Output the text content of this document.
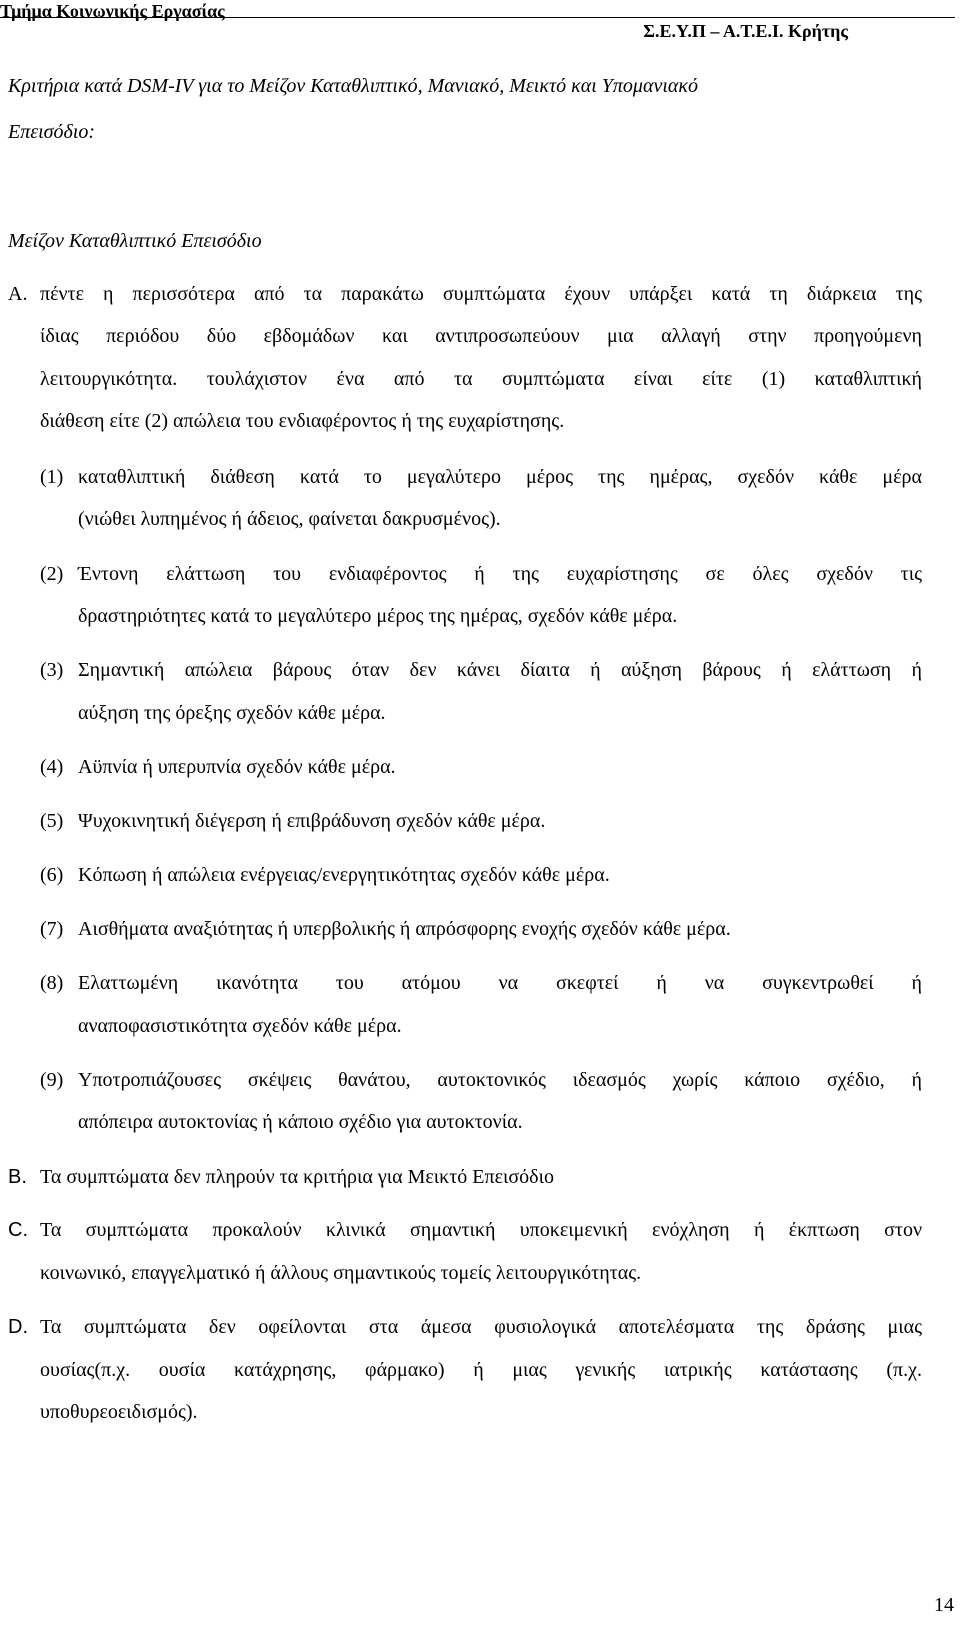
Τμήμα Κοινωνικής Εργασίας
Σ.Ε.Υ.Π – Α.Τ.Ε.Ι. Κρήτης
Κριτήρια κατά DSM-IV για το Μείζον Καταθλιπτικό, Μανιακό, Μεικτό και Υπομανιακό
Επεισόδιο:
Μείζον Καταθλιπτικό Επεισόδιο
Α. πέντε η περισσότερα από τα παρακάτω συμπτώματα έχουν υπάρξει κατά τη διάρκεια της
ίδιας περιόδου δύο εβδομάδων και αντιπροσωπεύουν μια αλλαγή στην προηγούμενη
λειτουργικότητα. τουλάχιστον ένα από τα συμπτώματα είναι είτε (1) καταθλιπτική
διάθεση είτε (2) απώλεια του ενδιαφέροντος ή της ευχαρίστησης.
(1) καταθλιπτική διάθεση κατά το μεγαλύτερο μέρος της ημέρας, σχεδόν κάθε μέρα
(νιώθει λυπημένος ή άδειος, φαίνεται δακρυσμένος).
(2) Έντονη ελάττωση του ενδιαφέροντος ή της ευχαρίστησης σε όλες σχεδόν τις
δραστηριότητες κατά το μεγαλύτερο μέρος της ημέρας, σχεδόν κάθε μέρα.
(3) Σημαντική απώλεια βάρους όταν δεν κάνει δίαιτα ή αύξηση βάρους ή ελάττωση ή
αύξηση της όρεξης σχεδόν κάθε μέρα.
(4) Αϋπνία ή υπερυπνία σχεδόν κάθε μέρα.
(5) Ψυχοκινητική διέγερση ή επιβράδυνση σχεδόν κάθε μέρα.
(6) Κόπωση ή απώλεια ενέργειας/ενεργητικότητας σχεδόν κάθε μέρα.
(7) Αισθήματα αναξιότητας ή υπερβολικής ή απρόσφορης ενοχής σχεδόν κάθε μέρα.
(8) Ελαττωμένη ικανότητα του ατόμου να σκεφτεί ή να συγκεντρωθεί ή
αναποφασιστικότητα σχεδόν κάθε μέρα.
(9) Υποτροπιάζουσες σκέψεις θανάτου, αυτοκτονικός ιδεασμός χωρίς κάποιο σχέδιο, ή
απόπειρα αυτοκτονίας ή κάποιο σχέδιο για αυτοκτονία.
B. Τα συμπτώματα δεν πληρούν τα κριτήρια για Μεικτό Επεισόδιο
C. Τα συμπτώματα προκαλούν κλινικά σημαντική υποκειμενική ενόχληση ή έκπτωση στον
κοινωνικό, επαγγελματικό ή άλλους σημαντικούς τομείς λειτουργικότητας.
D. Τα συμπτώματα δεν οφείλονται στα άμεσα φυσιολογικά αποτελέσματα της δράσης μιας
ουσίας(π.χ. ουσία κατάχρησης, φάρμακο) ή μιας γενικής ιατρικής κατάστασης (π.χ.
υποθυρεοειδισμός).
14
